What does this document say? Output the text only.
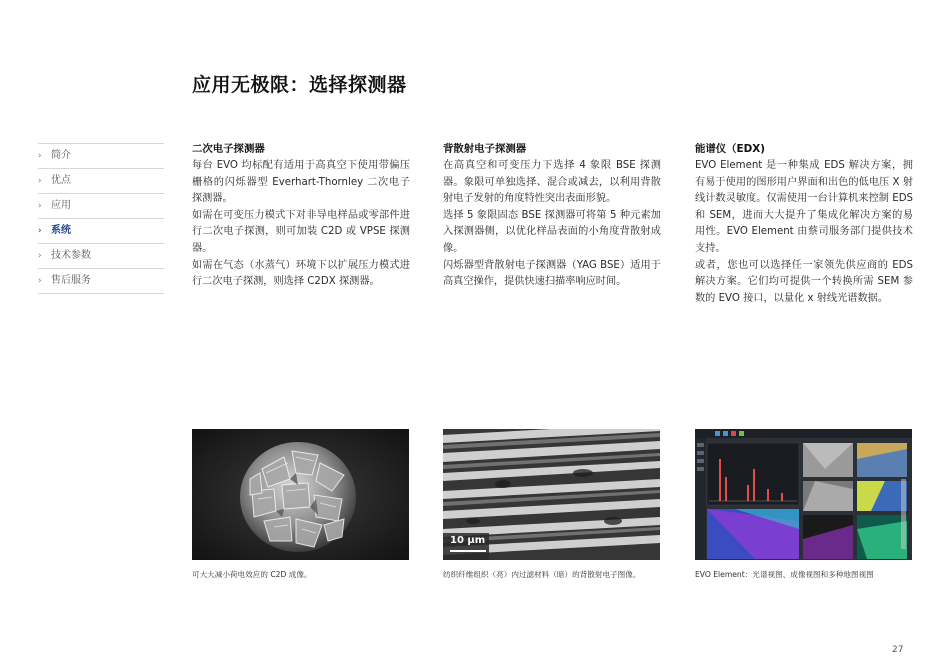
应用无极限：选择探测器
› 简介
› 优点
› 应用
› 系统
› 技术参数
› 售后服务
二次电子探测器

每台 EVO 均标配有适用于高真空下使用带偏压栅格的闪烁器型 Everhart-Thornley 二次电子探测器。

如需在可变压力模式下对非导电样品或零部件进行二次电子探测，则可加装 C2D 或 VPSE 探测器。

如需在气态（水蒸气）环境下以扩展压力模式进行二次电子探测，则选择 C2DX 探测器。

背散射电子探测器

在高真空和可变压力下选择 4 象限 BSE 探测器。象限可单独选择、混合或减去，以利用背散射电子发射的角度特性突出表面形貌。

选择 5 象限固态 BSE 探测器可将第 5 种元素加入探测器侧，以优化样品表面的小角度背散射成像。

闪烁器型背散射电子探测器（YAG BSE）适用于高真空操作，提供快速扫描率响应时间。

能谱仪（EDX)

EVO Element 是一种集成 EDS 解决方案，拥有易于使用的图形用户界面和出色的低电压 X 射线计数灵敏度。仅需使用一台计算机来控制 EDS 和 SEM，进而大大提升了集成化解决方案的易用性。EVO Element 由蔡司服务部门提供技术支持。

或者，您也可以选择任一家领先供应商的 EDS 解决方案。它们均可提供一个转换所需 SEM 参数的 EVO 接口，以量化 x 射线光谱数据。

可大大减小荷电效应的 C2D 成像。
10 µm
纺织纤维组织（亮）内过滤材料（暗）的背散射电子图像。	EVO Element：光谱视图、成像视图和多种地图视图
27
